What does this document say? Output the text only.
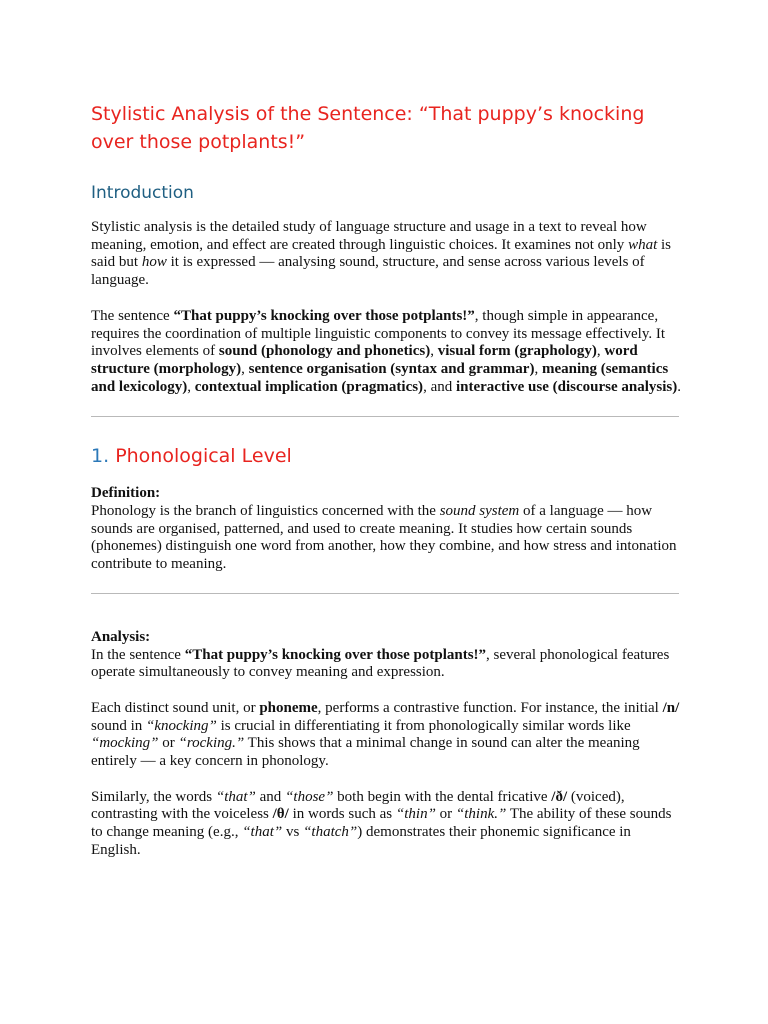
Stylistic Analysis of the Sentence: “That puppy’s knocking over those potplants!”
Introduction

Stylistic analysis is the detailed study of language structure and usage in a text to reveal how meaning, emotion, and effect are created through linguistic choices. It examines not only what is said but how it is expressed — analysing sound, structure, and sense across various levels of language.

The sentence “That puppy’s knocking over those potplants!”, though simple in appearance, requires the coordination of multiple linguistic components to convey its message effectively. It involves elements of sound (phonology and phonetics), visual form (graphology), word structure (morphology), sentence organisation (syntax and grammar), meaning (semantics and lexicology), contextual implication (pragmatics), and interactive use (discourse analysis).

1. Phonological Level

Definition:
Phonology is the branch of linguistics concerned with the sound system of a language — how sounds are organised, patterned, and used to create meaning. It studies how certain sounds (phonemes) distinguish one word from another, how they combine, and how stress and intonation contribute to meaning.

Analysis:
In the sentence “That puppy’s knocking over those potplants!”, several phonological features operate simultaneously to convey meaning and expression.

Each distinct sound unit, or phoneme, performs a contrastive function. For instance, the initial /n/ sound in “knocking” is crucial in differentiating it from phonologically similar words like “mocking” or “rocking.” This shows that a minimal change in sound can alter the meaning entirely — a key concern in phonology.

Similarly, the words “that” and “those” both begin with the dental fricative /ð/ (voiced), contrasting with the voiceless /θ/ in words such as “thin” or “think.” The ability of these sounds to change meaning (e.g., “that” vs “thatch”) demonstrates their phonemic significance in English.
